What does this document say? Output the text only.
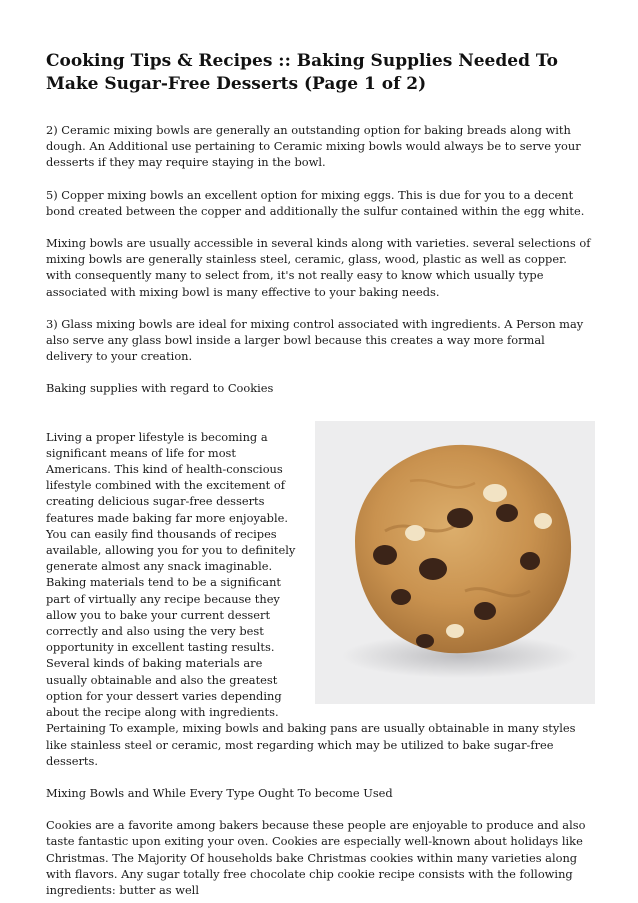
Cooking Tips & Recipes :: Baking Supplies Needed To Make Sugar-Free Desserts (Page 1 of 2)

2) Ceramic mixing bowls are generally an outstanding option for baking breads along with dough. An Additional use pertaining to Ceramic mixing bowls would always be to serve your desserts if they may require staying in the bowl.

5) Copper mixing bowls an excellent option for mixing eggs. This is due for you to a decent bond created between the copper and additionally the sulfur contained within the egg white.

Mixing bowls are usually accessible in several kinds along with varieties. several selections of mixing bowls are generally stainless steel, ceramic, glass, wood, plastic as well as copper. with consequently many to select from, it's not really easy to know which usually type associated with mixing bowl is many effective to your baking needs.

3) Glass mixing bowls are ideal for mixing control associated with ingredients. A Person may also serve any glass bowl inside a larger bowl because this creates a way more formal delivery to your creation.

Baking supplies with regard to Cookies

Living a proper lifestyle is becoming a significant means of life for most Americans. This kind of health-conscious lifestyle combined with the excitement of creating delicious sugar-free desserts features made baking far more enjoyable. You can easily find thousands of recipes available, allowing you for you to definitely generate almost any snack imaginable. Baking materials tend to be a significant part of virtually any recipe because they allow you to bake your current dessert correctly and also using the very best opportunity in excellent tasting results. Several kinds of baking materials are usually obtainable and also the greatest option for your dessert varies depending about the recipe along with ingredients. Pertaining To example, mixing bowls and baking pans are usually obtainable in many styles like stainless steel or ceramic, most regarding which may be utilized to bake sugar-free desserts.

Mixing Bowls and While Every Type Ought To become Used

Cookies are a favorite among bakers because these people are enjoyable to produce and also taste fantastic upon exiting your oven. Cookies are especially well-known about holidays like Christmas. The Majority Of households bake Christmas cookies within many varieties along with flavors. Any sugar totally free chocolate chip cookie recipe consists with the following ingredients: butter as well
